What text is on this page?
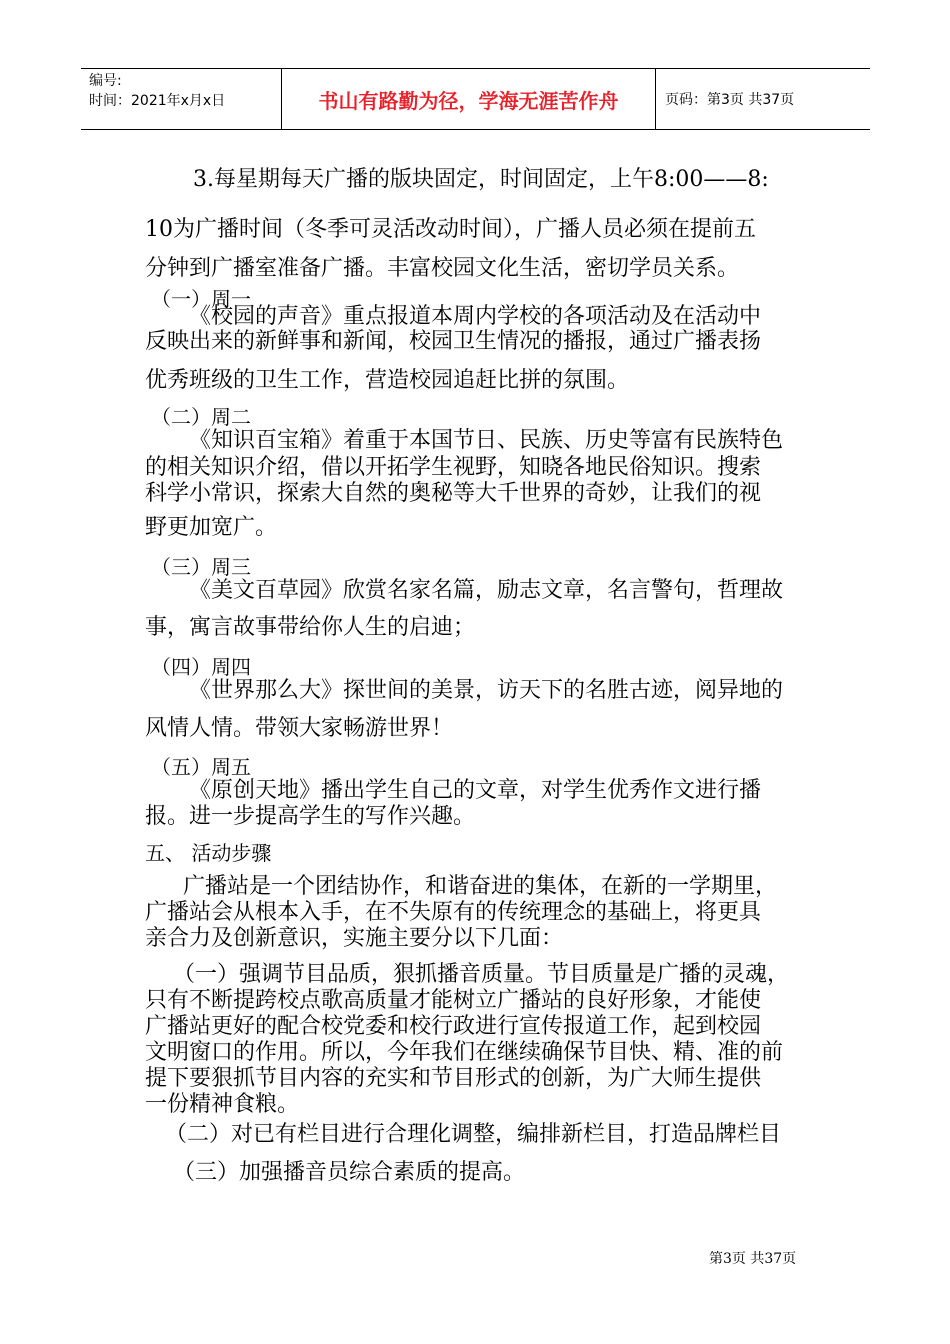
编号:
时间：2021年x月x日	书山有路勤为径，学海无涯苦作舟	页码：第3页 共37页
3.每星期每天广播的版块固定，时间固定，上午8:00——8:
10为广播时间（冬季可灵活改动时间），广播人员必须在提前五
分钟到广播室准备广播。丰富校园文化生活，密切学员关系。
（一）周一
《校园的声音》重点报道本周内学校的各项活动及在活动中
反映出来的新鲜事和新闻，校园卫生情况的播报，通过广播表扬
优秀班级的卫生工作，营造校园追赶比拼的氛围。
（二）周二
《知识百宝箱》着重于本国节日、民族、历史等富有民族特色
的相关知识介绍，借以开拓学生视野，知晓各地民俗知识。搜索
科学小常识，探索大自然的奥秘等大千世界的奇妙，让我们的视
野更加宽广。
（三）周三
《美文百草园》欣赏名家名篇，励志文章，名言警句，哲理故
事，寓言故事带给你人生的启迪；
（四）周四
《世界那么大》探世间的美景，访天下的名胜古迹，阅异地的
风情人情。带领大家畅游世界！
（五）周五
《原创天地》播出学生自己的文章，对学生优秀作文进行播
报。进一步提高学生的写作兴趣。
五、 活动步骤
广播站是一个团结协作，和谐奋进的集体，在新的一学期里，
广播站会从根本入手，在不失原有的传统理念的基础上，将更具
亲合力及创新意识，实施主要分以下几面：
（一）强调节目品质，狠抓播音质量。节目质量是广播的灵魂，
只有不断提跨校点歌高质量才能树立广播站的良好形象，才能使
广播站更好的配合校党委和校行政进行宣传报道工作，起到校园
文明窗口的作用。所以，今年我们在继续确保节目快、精、准的前
提下要狠抓节目内容的充实和节目形式的创新，为广大师生提供
一份精神食粮。
（二）对已有栏目进行合理化调整，编排新栏目，打造品牌栏目
（三）加强播音员综合素质的提高。
第3页 共37页
